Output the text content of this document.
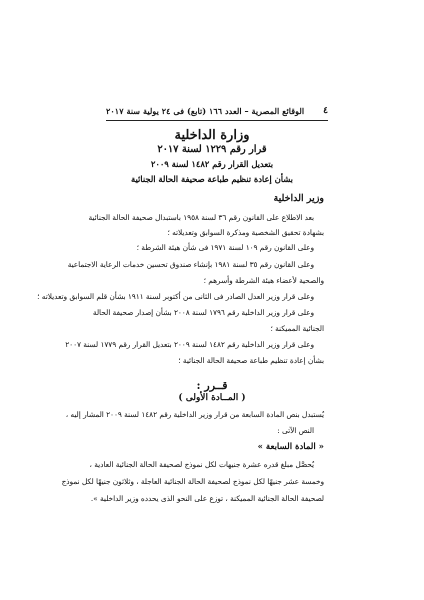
٤
الوقائع المصرية – العدد ١٦٦ (تابع) فى ٢٤ يولية سنة ٢٠١٧
وزارة الداخلية
قرار رقم ١٢٢٩ لسنة ٢٠١٧
بتعديل القرار رقم ١٤٨٢ لسنة ٢٠٠٩
بشأن إعادة تنظيم طباعة صحيفة الحالة الجنائية
وزير الداخلية
بعد الاطلاع على القانون رقم ٣٦ لسنة ١٩٥٨ باستبدال صحيفة الحالة الجنائية
بشهادة تحقيق الشخصية ومذكرة السوابق وتعديلاته ؛
وعلى القانون رقم ١٠٩ لسنة ١٩٧١ فى شأن هيئة الشرطة ؛
وعلى القانون رقم ٣٥ لسنة ١٩٨١ بإنشاء صندوق تحسين خدمات الرعاية الاجتماعية
والصحية لأعضاء هيئة الشرطة وأسرهم ؛
وعلى قرار وزير العدل الصادر فى الثانى من أكتوبر لسنة ١٩١١ بشأن قلم السوابق وتعديلاته ؛
وعلى قرار وزير الداخلية رقم ١٧٩٦ لسنة ٢٠٠٨ بشأن إصدار صحيفة الحالة
الجنائية المميكنة ؛
وعلى قرار وزير الداخلية رقم ١٤٨٢ لسنة ٢٠٠٩ بتعديل القرار رقم ١٧٧٩ لسنة ٢٠٠٧
بشأن إعادة تنظيم طباعة صحيفة الحالة الجنائية ؛
قــرر :
( المــادة الأولى )
يُستبدل بنص المادة السابعة من قرار وزير الداخلية رقم ١٤٨٢ لسنة ٢٠٠٩ المشار إليه ،
النص الآتى :
« المادة السابعة »
يُحصَّل مبلغ قدره عشرة جنيهات لكل نموذج لصحيفة الحالة الجنائية العادية ،
وخمسة عشر جنيهًا لكل نموذج لصحيفة الحالة الجنائية العاجلة ، وثلاثون جنيهًا لكل نموذج
لصحيفة الحالة الجنائية المميكنة ، توزع على النحو الذى يحدده وزير الداخلية ».
